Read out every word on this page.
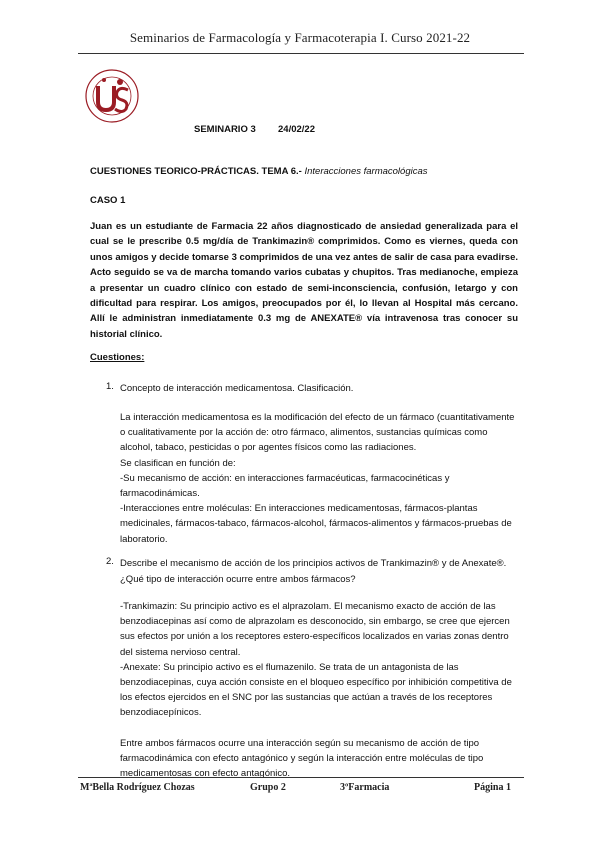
Seminarios de Farmacología y Farmacoterapia I. Curso 2021-22
SEMINARIO 3 24/02/22
CUESTIONES TEORICO-PRÁCTICAS. TEMA 6.- Interacciones farmacológicas
CASO 1
Juan es un estudiante de Farmacia 22 años diagnosticado de ansiedad generalizada para el cual se le prescribe 0.5 mg/día de Trankimazin® comprimidos. Como es viernes, queda con unos amigos y decide tomarse 3 comprimidos de una vez antes de salir de casa para evadirse. Acto seguido se va de marcha tomando varios cubatas y chupitos. Tras medianoche, empieza a presentar un cuadro clínico con estado de semi-inconsciencia, confusión, letargo y con dificultad para respirar. Los amigos, preocupados por él, lo llevan al Hospital más cercano. Allí le administran inmediatamente 0.3 mg de ANEXATE® vía intravenosa tras conocer su historial clínico.
Cuestiones:
1. Concepto de interacción medicamentosa. Clasificación.

La interacción medicamentosa es la modificación del efecto de un fármaco (cuantitativamente o cualitativamente por la acción de: otro fármaco, alimentos, sustancias químicas como alcohol, tabaco, pesticidas o por agentes físicos como las radiaciones.

Se clasifican en función de:

-Su mecanismo de acción: en interacciones farmacéuticas, farmacocinéticas y farmacodinámicas.

-Interacciones entre moléculas: En interacciones medicamentosas, fármacos-plantas medicinales, fármacos-tabaco, fármacos-alcohol, fármacos-alimentos y fármacos-pruebas de laboratorio.

2. Describe el mecanismo de acción de los principios activos de Trankimazin® y de Anexate®. ¿Qué tipo de interacción ocurre entre ambos fármacos?

-Trankimazin: Su principio activo es el alprazolam. El mecanismo exacto de acción de las benzodiacepinas así como de alprazolam es desconocido, sin embargo, se cree que ejercen sus efectos por unión a los receptores estero-específicos localizados en varias zonas dentro del sistema nervioso central.

-Anexate: Su principio activo es el flumazenilo. Se trata de un antagonista de las benzodiacepinas, cuya acción consiste en el bloqueo específico por inhibición competitiva de los efectos ejercidos en el SNC por las sustancias que actúan a través de los receptores benzodiacepínicos.

Entre ambos fármacos ocurre una interacción según su mecanismo de acción de tipo farmacodinámica con efecto antagónico y según la interacción entre moléculas de tipo medicamentosas con efecto antagónico.

MªBella Rodríguez Chozas	Grupo 2	3ºFarmacia	Página 1
